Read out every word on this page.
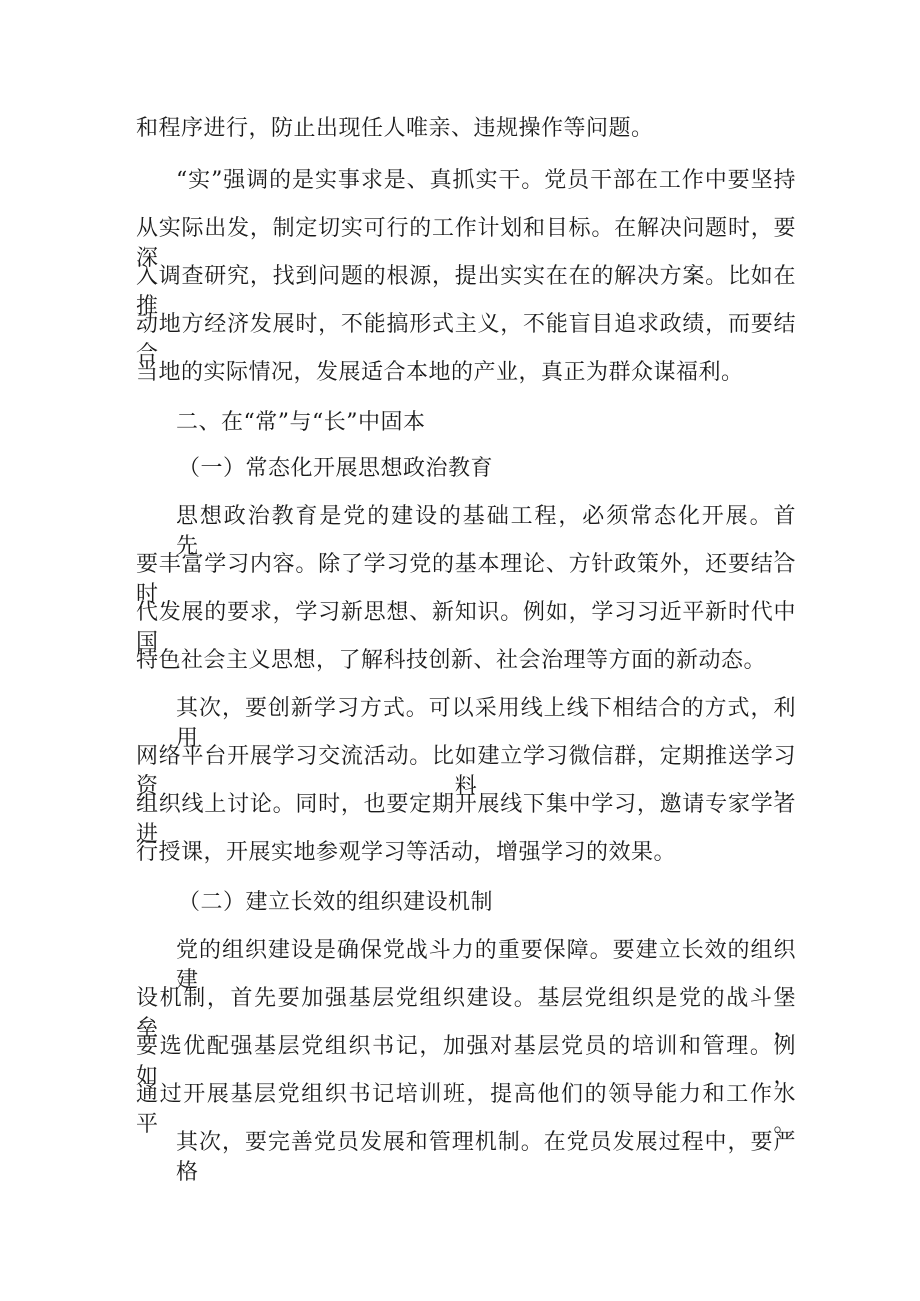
和程序进行，防止出现任人唯亲、违规操作等问题。
“实”强调的是实事求是、真抓实干。党员干部在工作中要坚持
从实际出发，制定切实可行的工作计划和目标。在解决问题时，要深
入调查研究，找到问题的根源，提出实实在在的解决方案。比如在推
动地方经济发展时，不能搞形式主义，不能盲目追求政绩，而要结合
当地的实际情况，发展适合本地的产业，真正为群众谋福利。
二、在“常”与“长”中固本
（一）常态化开展思想政治教育
思想政治教育是党的建设的基础工程，必须常态化开展。首先，
要丰富学习内容。除了学习党的基本理论、方针政策外，还要结合时
代发展的要求，学习新思想、新知识。例如，学习习近平新时代中国
特色社会主义思想，了解科技创新、社会治理等方面的新动态。
其次，要创新学习方式。可以采用线上线下相结合的方式，利用
网络平台开展学习交流活动。比如建立学习微信群，定期推送学习资料，
组织线上讨论。同时，也要定期开展线下集中学习，邀请专家学者进
行授课，开展实地参观学习等活动，增强学习的效果。
（二）建立长效的组织建设机制
党的组织建设是确保党战斗力的重要保障。要建立长效的组织建
设机制，首先要加强基层党组织建设。基层党组织是党的战斗堡垒，
要选优配强基层党组织书记，加强对基层党员的培训和管理。例如，
通过开展基层党组织书记培训班，提高他们的领导能力和工作水平。
其次，要完善党员发展和管理机制。在党员发展过程中，要严格
